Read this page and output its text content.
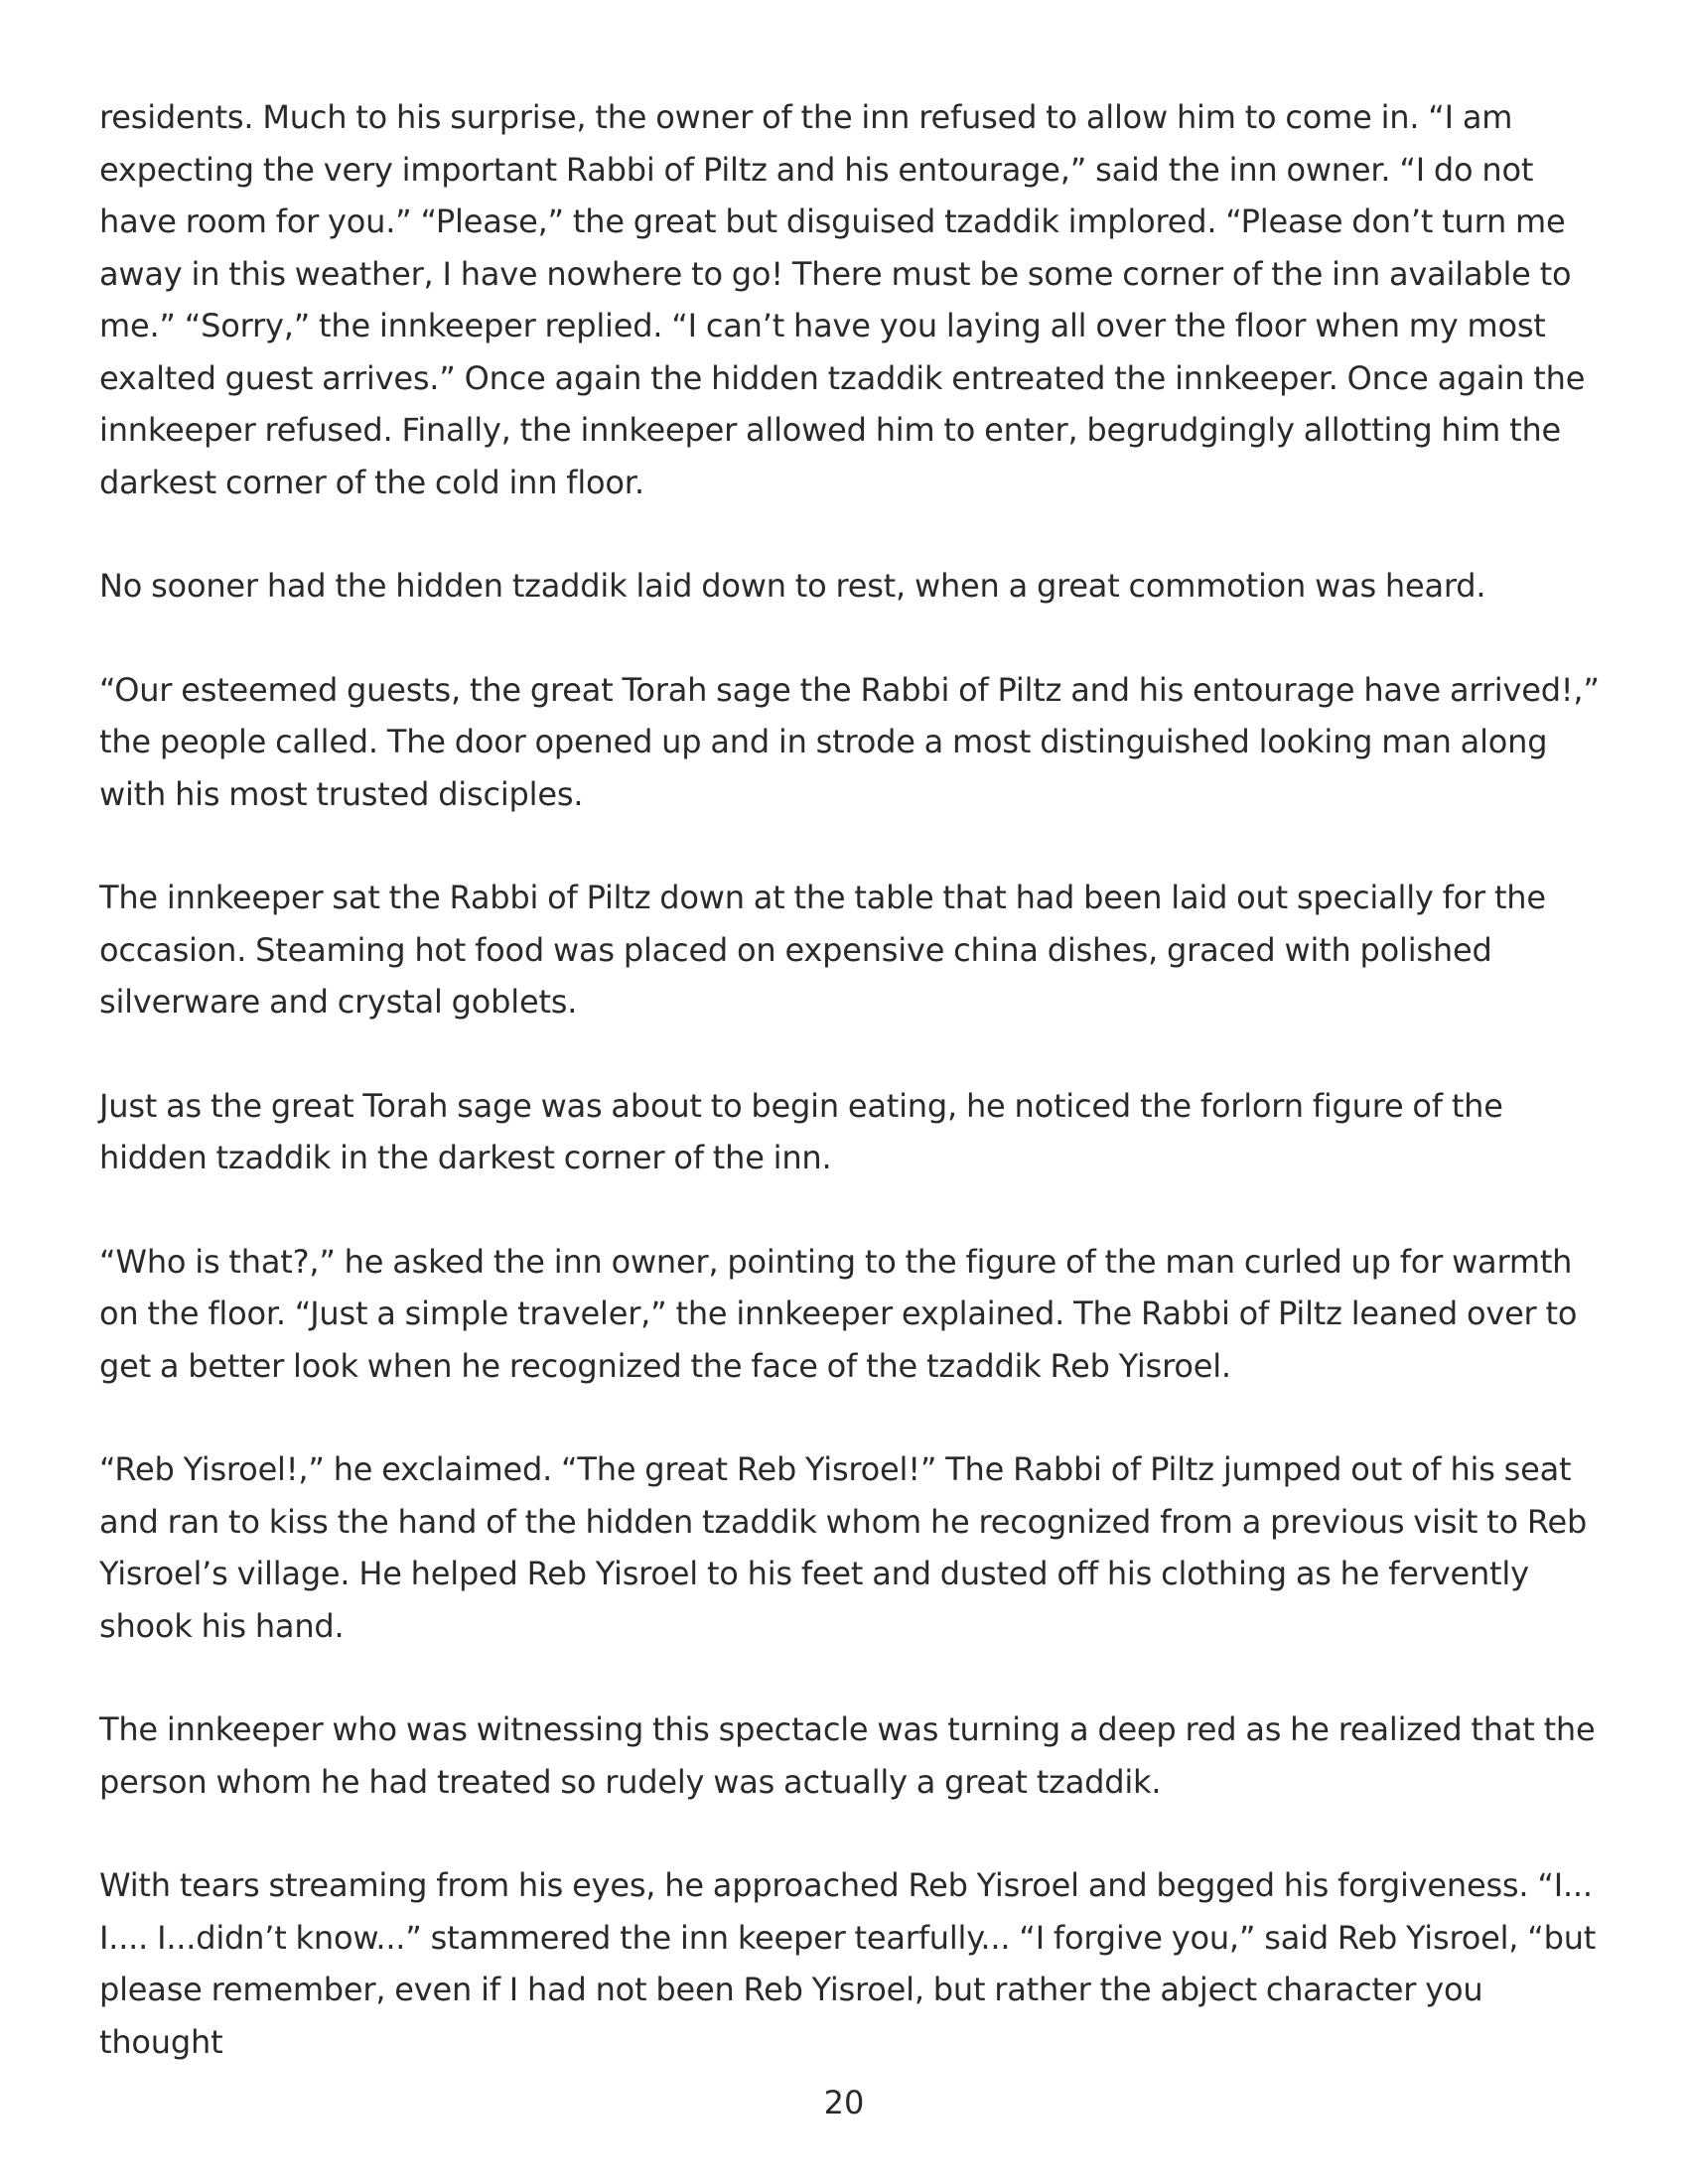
residents. Much to his surprise, the owner of the inn refused to allow him to come in. “I am expecting the very important Rabbi of Piltz and his entourage,” said the inn owner. “I do not have room for you.” “Please,” the great but disguised tzaddik implored. “Please don’t turn me away in this weather, I have nowhere to go! There must be some corner of the inn available to me.” “Sorry,” the innkeeper replied. “I can’t have you laying all over the floor when my most exalted guest arrives.” Once again the hidden tzaddik entreated the innkeeper. Once again the innkeeper refused. Finally, the innkeeper allowed him to enter, begrudgingly allotting him the darkest corner of the cold inn floor.

No sooner had the hidden tzaddik laid down to rest, when a great commotion was heard.

“Our esteemed guests, the great Torah sage the Rabbi of Piltz and his entourage have arrived!,” the people called. The door opened up and in strode a most distinguished looking man along with his most trusted disciples.

The innkeeper sat the Rabbi of Piltz down at the table that had been laid out specially for the occasion. Steaming hot food was placed on expensive china dishes, graced with polished silverware and crystal goblets.

Just as the great Torah sage was about to begin eating, he noticed the forlorn figure of the hidden tzaddik in the darkest corner of the inn.

“Who is that?,” he asked the inn owner, pointing to the figure of the man curled up for warmth on the floor. “Just a simple traveler,” the innkeeper explained. The Rabbi of Piltz leaned over to get a better look when he recognized the face of the tzaddik Reb Yisroel.

“Reb Yisroel!,” he exclaimed. “The great Reb Yisroel!” The Rabbi of Piltz jumped out of his seat and ran to kiss the hand of the hidden tzaddik whom he recognized from a previous visit to Reb Yisroel’s village. He helped Reb Yisroel to his feet and dusted off his clothing as he fervently shook his hand.

The innkeeper who was witnessing this spectacle was turning a deep red as he realized that the person whom he had treated so rudely was actually a great tzaddik.

With tears streaming from his eyes, he approached Reb Yisroel and begged his forgiveness. “I... I.... I...didn’t know...” stammered the inn keeper tearfully... “I forgive you,” said Reb Yisroel, “but please remember, even if I had not been Reb Yisroel, but rather the abject character you thought

20
